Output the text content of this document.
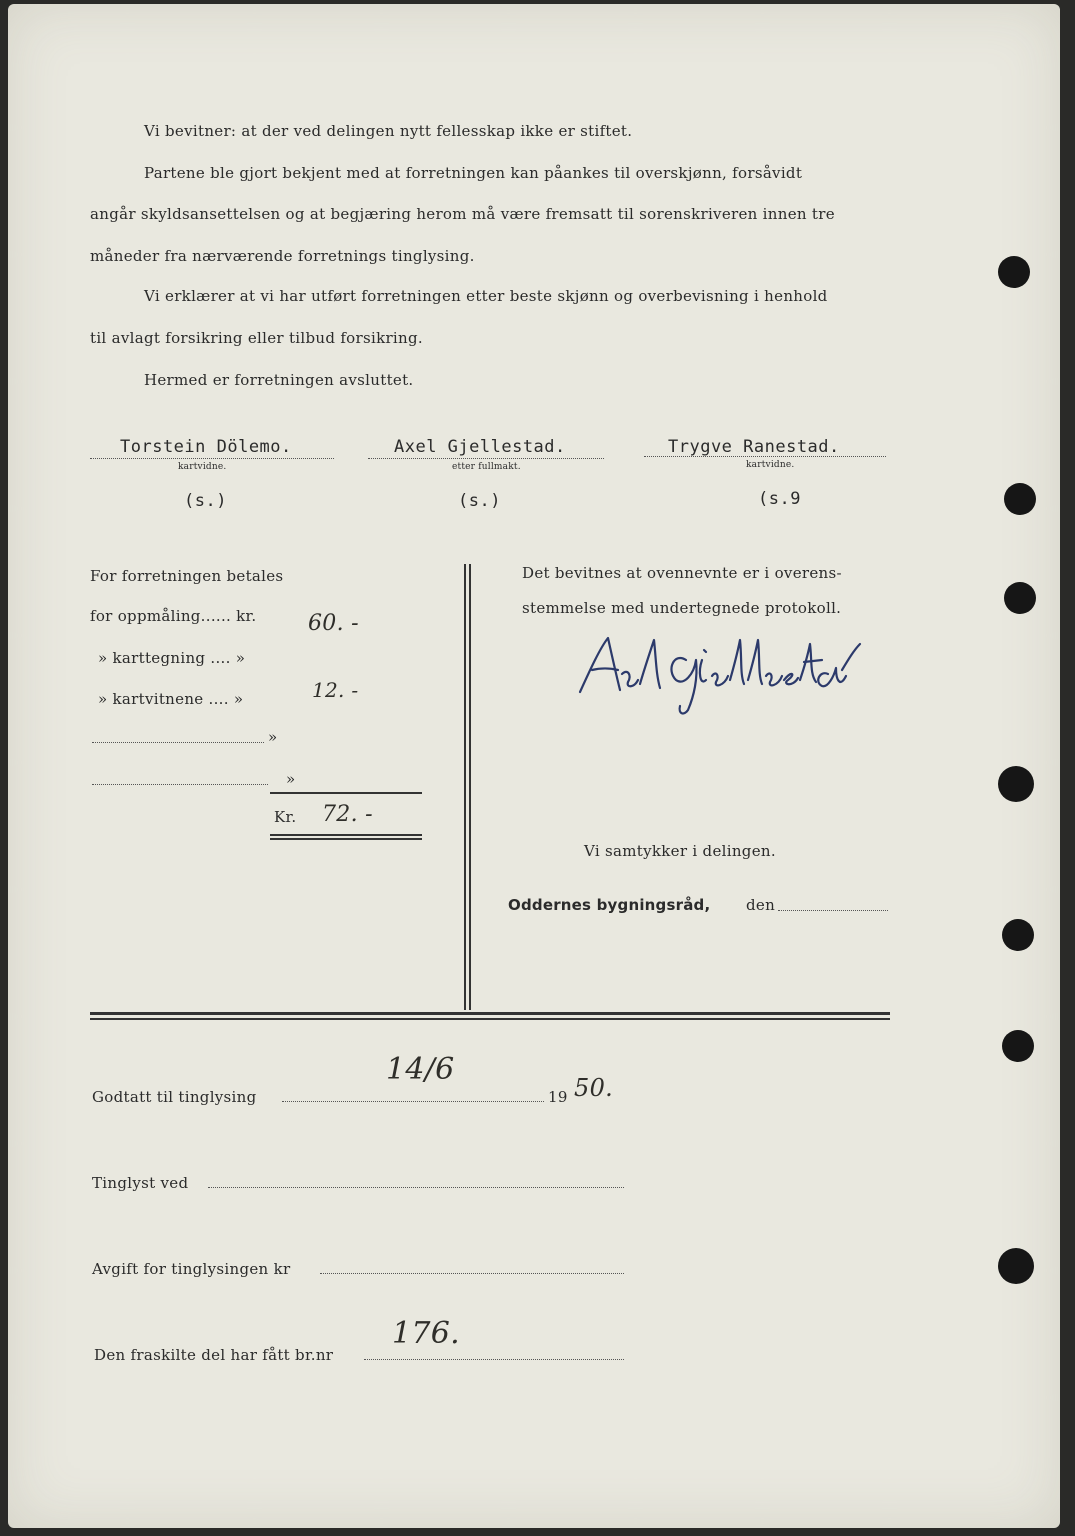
Vi bevitner: at der ved delingen nytt fellesskap ikke er stiftet.
Partene ble gjort bekjent med at forretningen kan påankes til overskjønn, forsåvidt
angår skyldsansettelsen og at begjæring herom må være fremsatt til sorenskriveren innen tre
måneder fra nærværende forretnings tinglysing.
Vi erklærer at vi har utført forretningen etter beste skjønn og overbevisning i henhold
til avlagt forsikring eller tilbud forsikring.
Hermed er forretningen avsluttet.
Torstein Dölemo.
kartvidne.
(s.)
Axel Gjellestad.
etter fullmakt.
(s.)
Trygve Ranestad.
kartvidne.
(s.9
For forretningen betales
for oppmåling...... kr. 60. -
» karttegning .... »
» kartvitnene .... »	12. -
»
»
Kr. 72. -
Det bevitnes at ovennevnte er i overens-
stemmelse med undertegnede protokoll.
Vi samtykker i delingen.
Oddernes bygningsråd, den
Godtatt til tinglysing
14/6
19 50.
Tinglyst ved
Avgift for tinglysingen kr
Den fraskilte del har fått br.nr
176.
